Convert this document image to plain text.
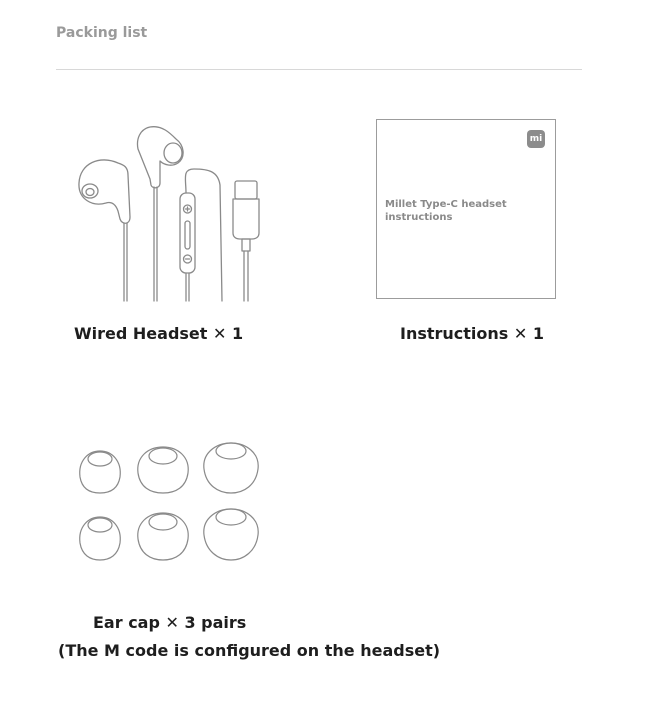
Packing list
Wired Headset ✕ 1
mi
Millet Type-C headset instructions
Instructions ✕ 1
Ear cap ✕ 3 pairs
(The M code is configured on the headset)
